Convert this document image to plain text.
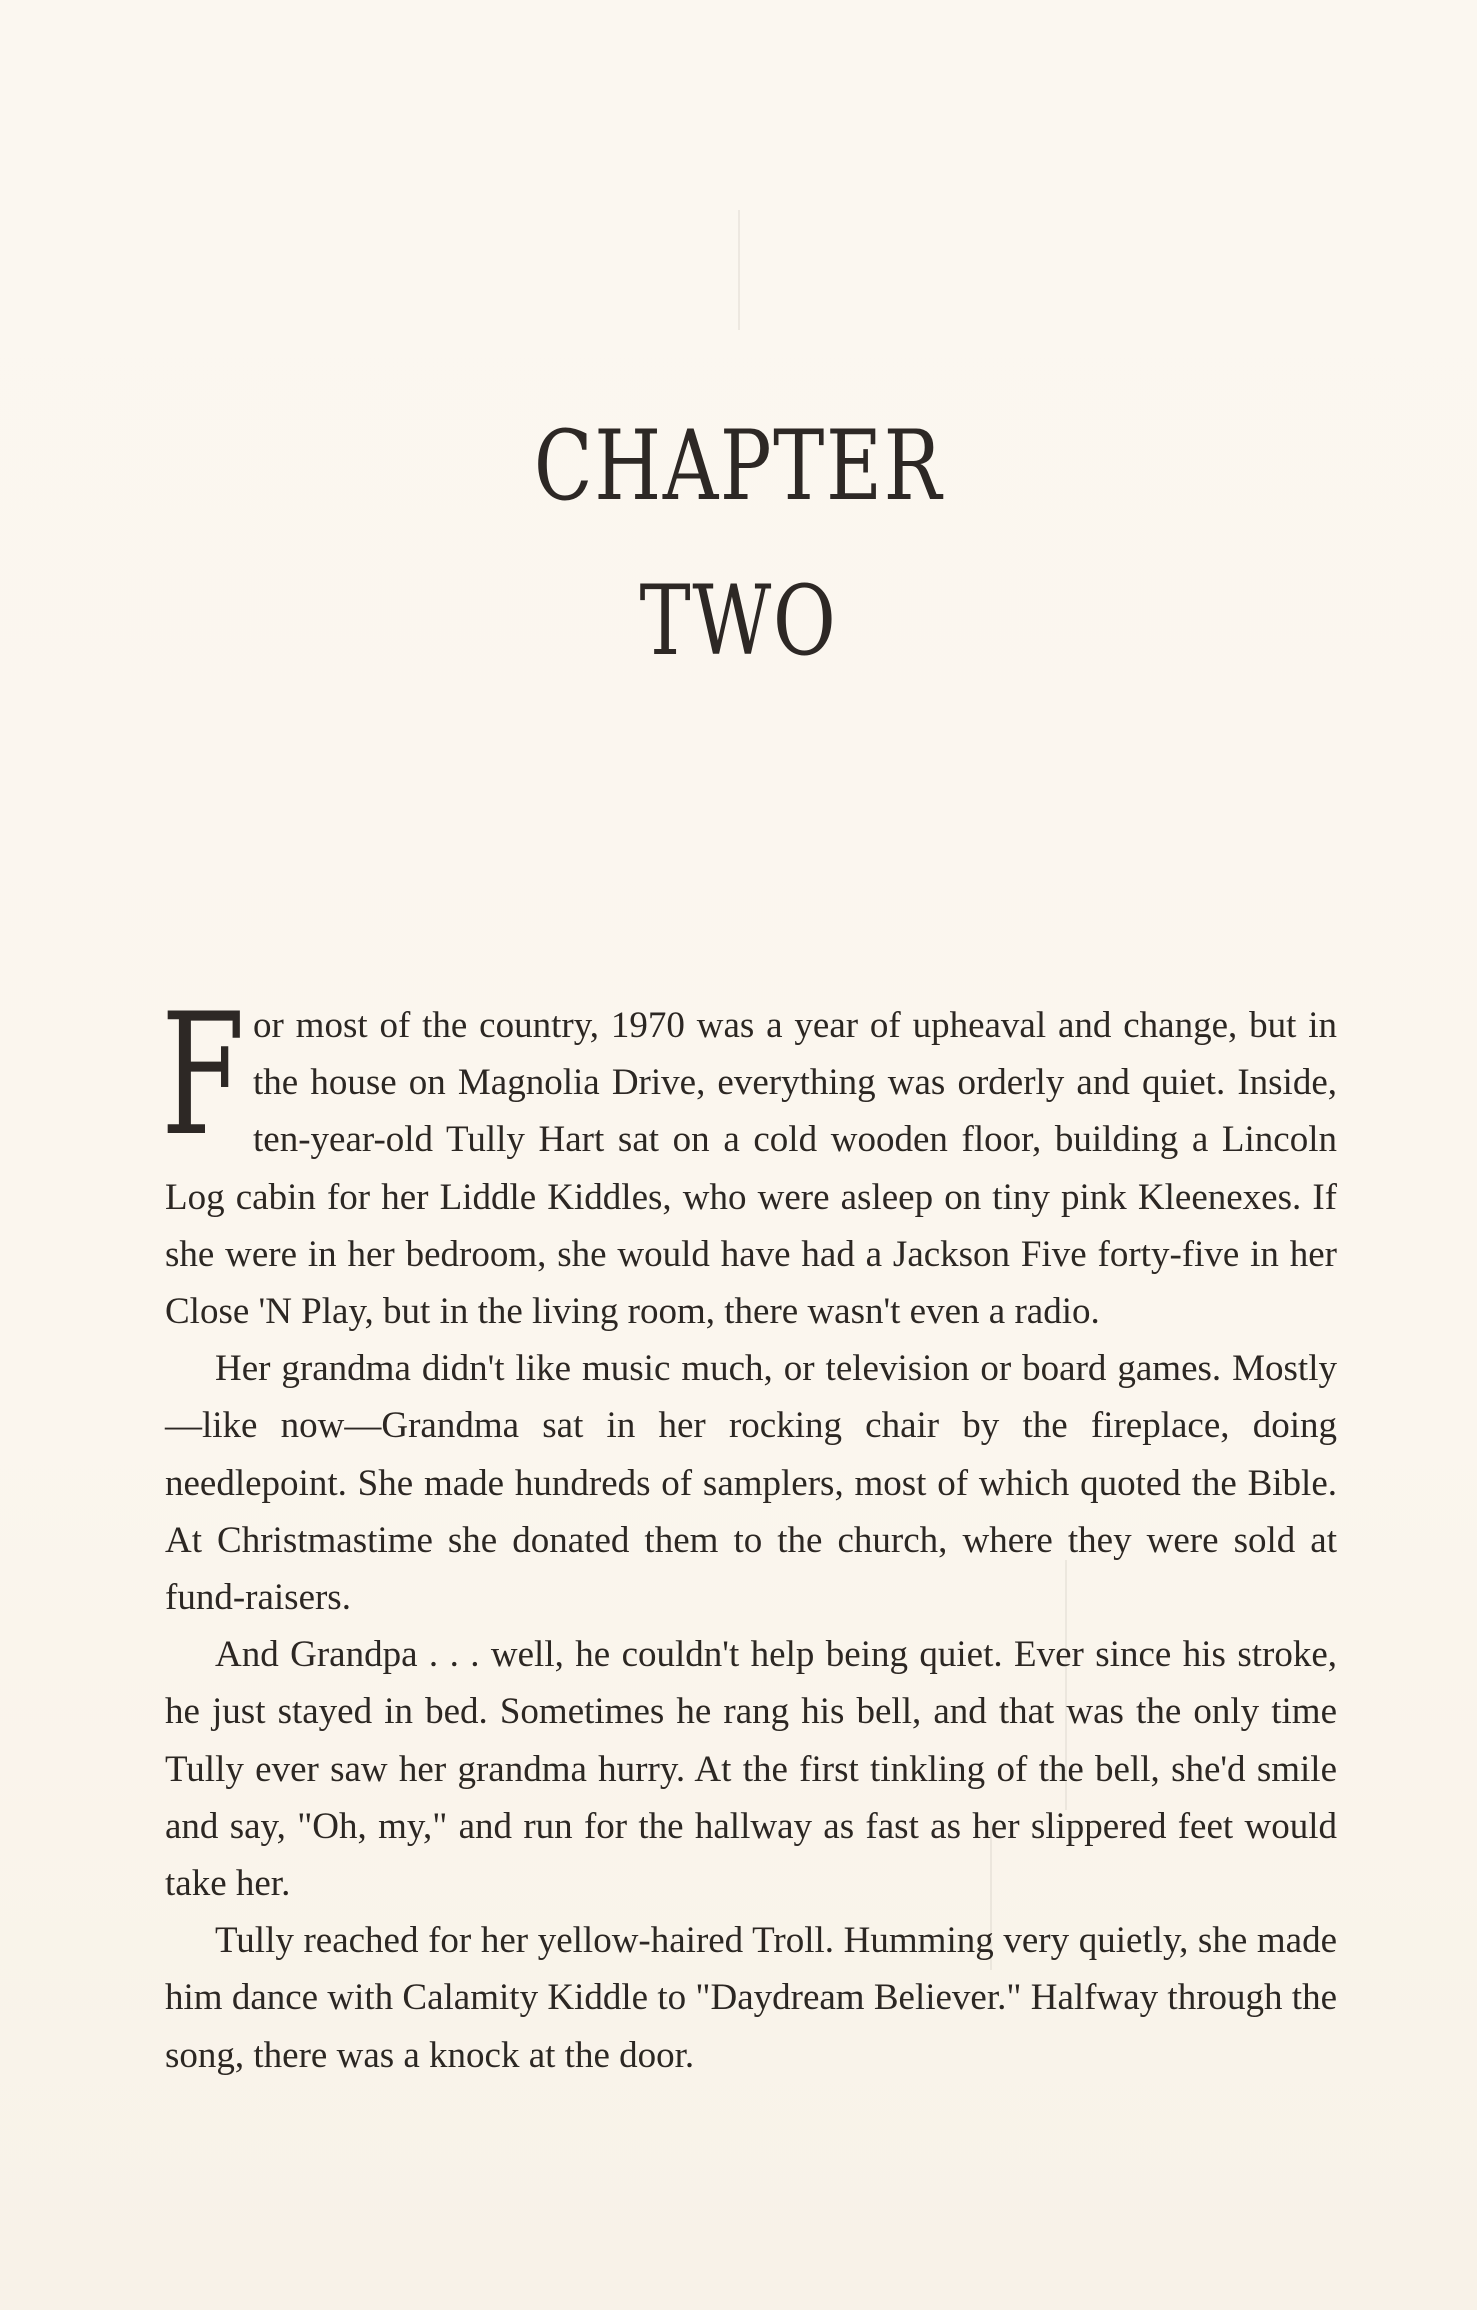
CHAPTER
TWO

For most of the country, 1970 was a year of upheaval and change, but in the house on Magnolia Drive, everything was orderly and quiet. Inside, ten-year-old Tully Hart sat on a cold wooden floor, building a Lincoln Log cabin for her Liddle Kiddles, who were asleep on tiny pink Kleenexes. If she were in her bedroom, she would have had a Jackson Five forty-five in her Close 'N Play, but in the living room, there wasn't even a radio.

Her grandma didn't like music much, or television or board games. Mostly—like now—Grandma sat in her rocking chair by the fireplace, doing needlepoint. She made hundreds of samplers, most of which quoted the Bible. At Christmastime she donated them to the church, where they were sold at fund-raisers.

And Grandpa . . . well, he couldn't help being quiet. Ever since his stroke, he just stayed in bed. Sometimes he rang his bell, and that was the only time Tully ever saw her grandma hurry. At the first tinkling of the bell, she'd smile and say, "Oh, my," and run for the hallway as fast as her slippered feet would take her.

Tully reached for her yellow-haired Troll. Humming very quietly, she made him dance with Calamity Kiddle to "Daydream Believer." Halfway through the song, there was a knock at the door.
